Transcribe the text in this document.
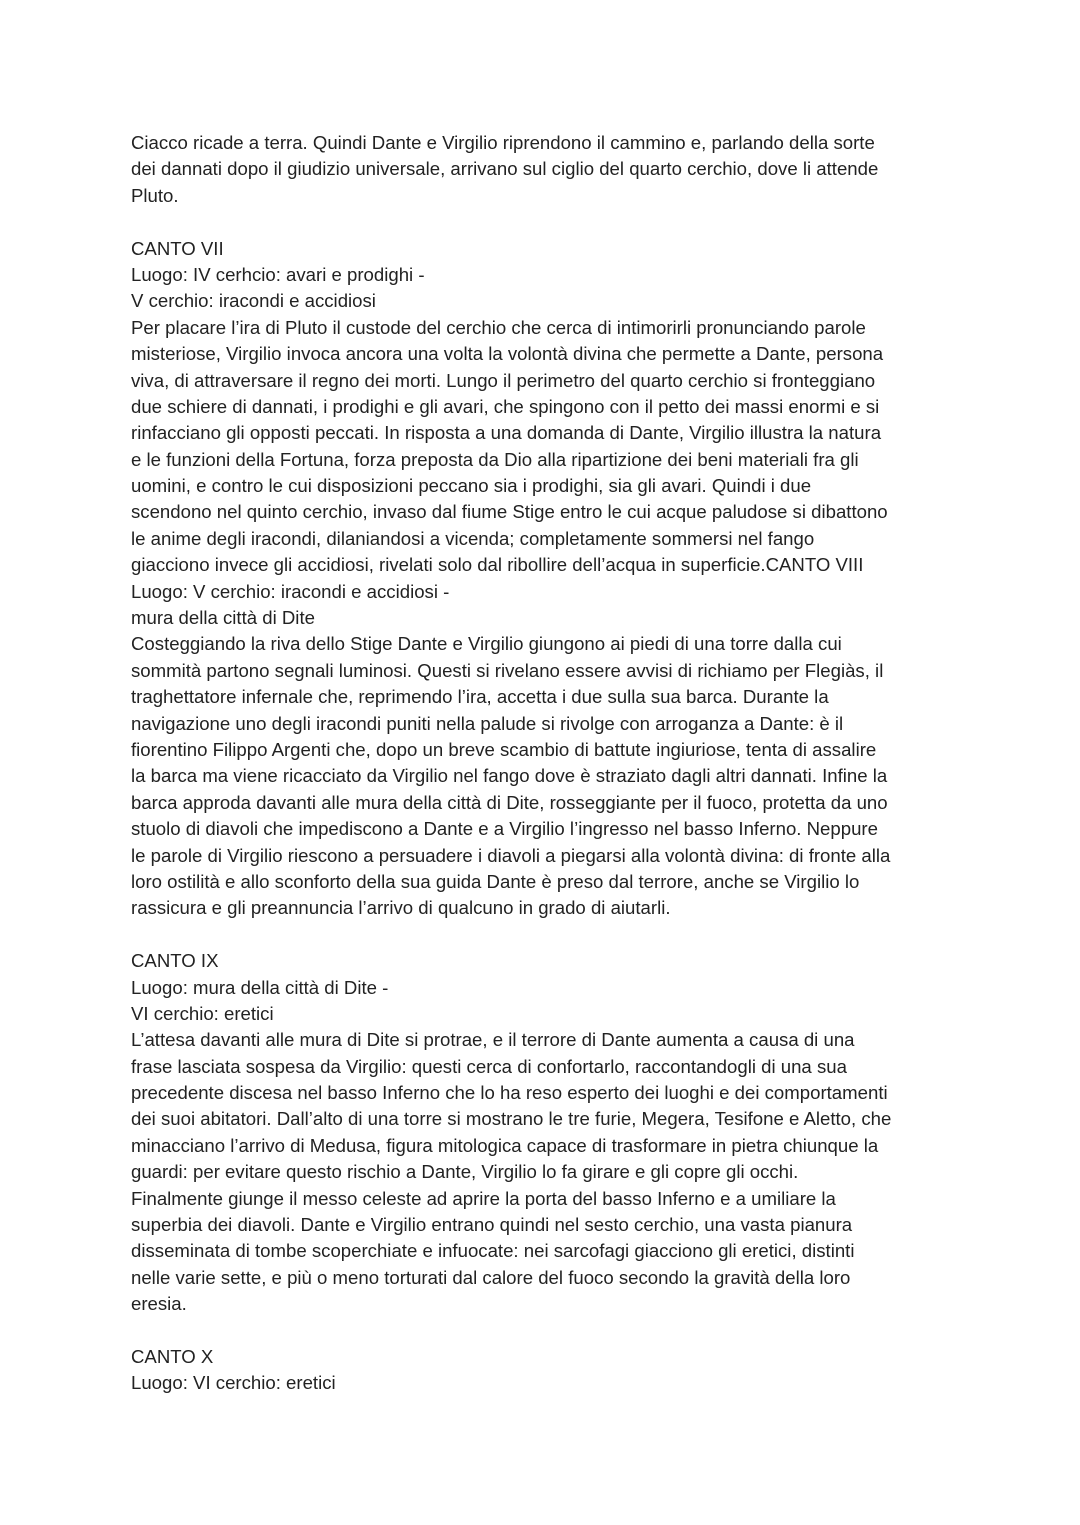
Ciacco ricade a terra. Quindi Dante e Virgilio riprendono il cammino e, parlando della sorte
dei dannati dopo il giudizio universale, arrivano sul ciglio del quarto cerchio, dove li attende
Pluto.
CANTO VII
Luogo: IV cerhcio: avari e prodighi -
V cerchio: iracondi e accidiosi
Per placare l’ira di Pluto il custode del cerchio che cerca di intimorirli pronunciando parole
misteriose, Virgilio invoca ancora una volta la volontà divina che permette a Dante, persona
viva, di attraversare il regno dei morti. Lungo il perimetro del quarto cerchio si fronteggiano
due schiere di dannati, i prodighi e gli avari, che spingono con il petto dei massi enormi e si
rinfacciano gli opposti peccati. In risposta a una domanda di Dante, Virgilio illustra la natura
e le funzioni della Fortuna, forza preposta da Dio alla ripartizione dei beni materiali fra gli
uomini, e contro le cui disposizioni peccano sia i prodighi, sia gli avari. Quindi i due
scendono nel quinto cerchio, invaso dal fiume Stige entro le cui acque paludose si dibattono
le anime degli iracondi, dilaniandosi a vicenda; completamente sommersi nel fango
giacciono invece gli accidiosi, rivelati solo dal ribollire dell’acqua in superficie.CANTO VIII
Luogo: V cerchio: iracondi e accidiosi -
mura della città di Dite
Costeggiando la riva dello Stige Dante e Virgilio giungono ai piedi di una torre dalla cui
sommità partono segnali luminosi. Questi si rivelano essere avvisi di richiamo per Flegiàs, il
traghettatore infernale che, reprimendo l’ira, accetta i due sulla sua barca. Durante la
navigazione uno degli iracondi puniti nella palude si rivolge con arroganza a Dante: è il
fiorentino Filippo Argenti che, dopo un breve scambio di battute ingiuriose, tenta di assalire
la barca ma viene ricacciato da Virgilio nel fango dove è straziato dagli altri dannati. Infine la
barca approda davanti alle mura della città di Dite, rosseggiante per il fuoco, protetta da uno
stuolo di diavoli che impediscono a Dante e a Virgilio l’ingresso nel basso Inferno. Neppure
le parole di Virgilio riescono a persuadere i diavoli a piegarsi alla volontà divina: di fronte alla
loro ostilità e allo sconforto della sua guida Dante è preso dal terrore, anche se Virgilio lo
rassicura e gli preannuncia l’arrivo di qualcuno in grado di aiutarli.
CANTO IX
Luogo: mura della città di Dite -
VI cerchio: eretici
L’attesa davanti alle mura di Dite si protrae, e il terrore di Dante aumenta a causa di una
frase lasciata sospesa da Virgilio: questi cerca di confortarlo, raccontandogli di una sua
precedente discesa nel basso Inferno che lo ha reso esperto dei luoghi e dei comportamenti
dei suoi abitatori. Dall’alto di una torre si mostrano le tre furie, Megera, Tesifone e Aletto, che
minacciano l’arrivo di Medusa, figura mitologica capace di trasformare in pietra chiunque la
guardi: per evitare questo rischio a Dante, Virgilio lo fa girare e gli copre gli occhi.
Finalmente giunge il messo celeste ad aprire la porta del basso Inferno e a umiliare la
superbia dei diavoli. Dante e Virgilio entrano quindi nel sesto cerchio, una vasta pianura
disseminata di tombe scoperchiate e infuocate: nei sarcofagi giacciono gli eretici, distinti
nelle varie sette, e più o meno torturati dal calore del fuoco secondo la gravità della loro
eresia.
CANTO X
Luogo: VI cerchio: eretici
